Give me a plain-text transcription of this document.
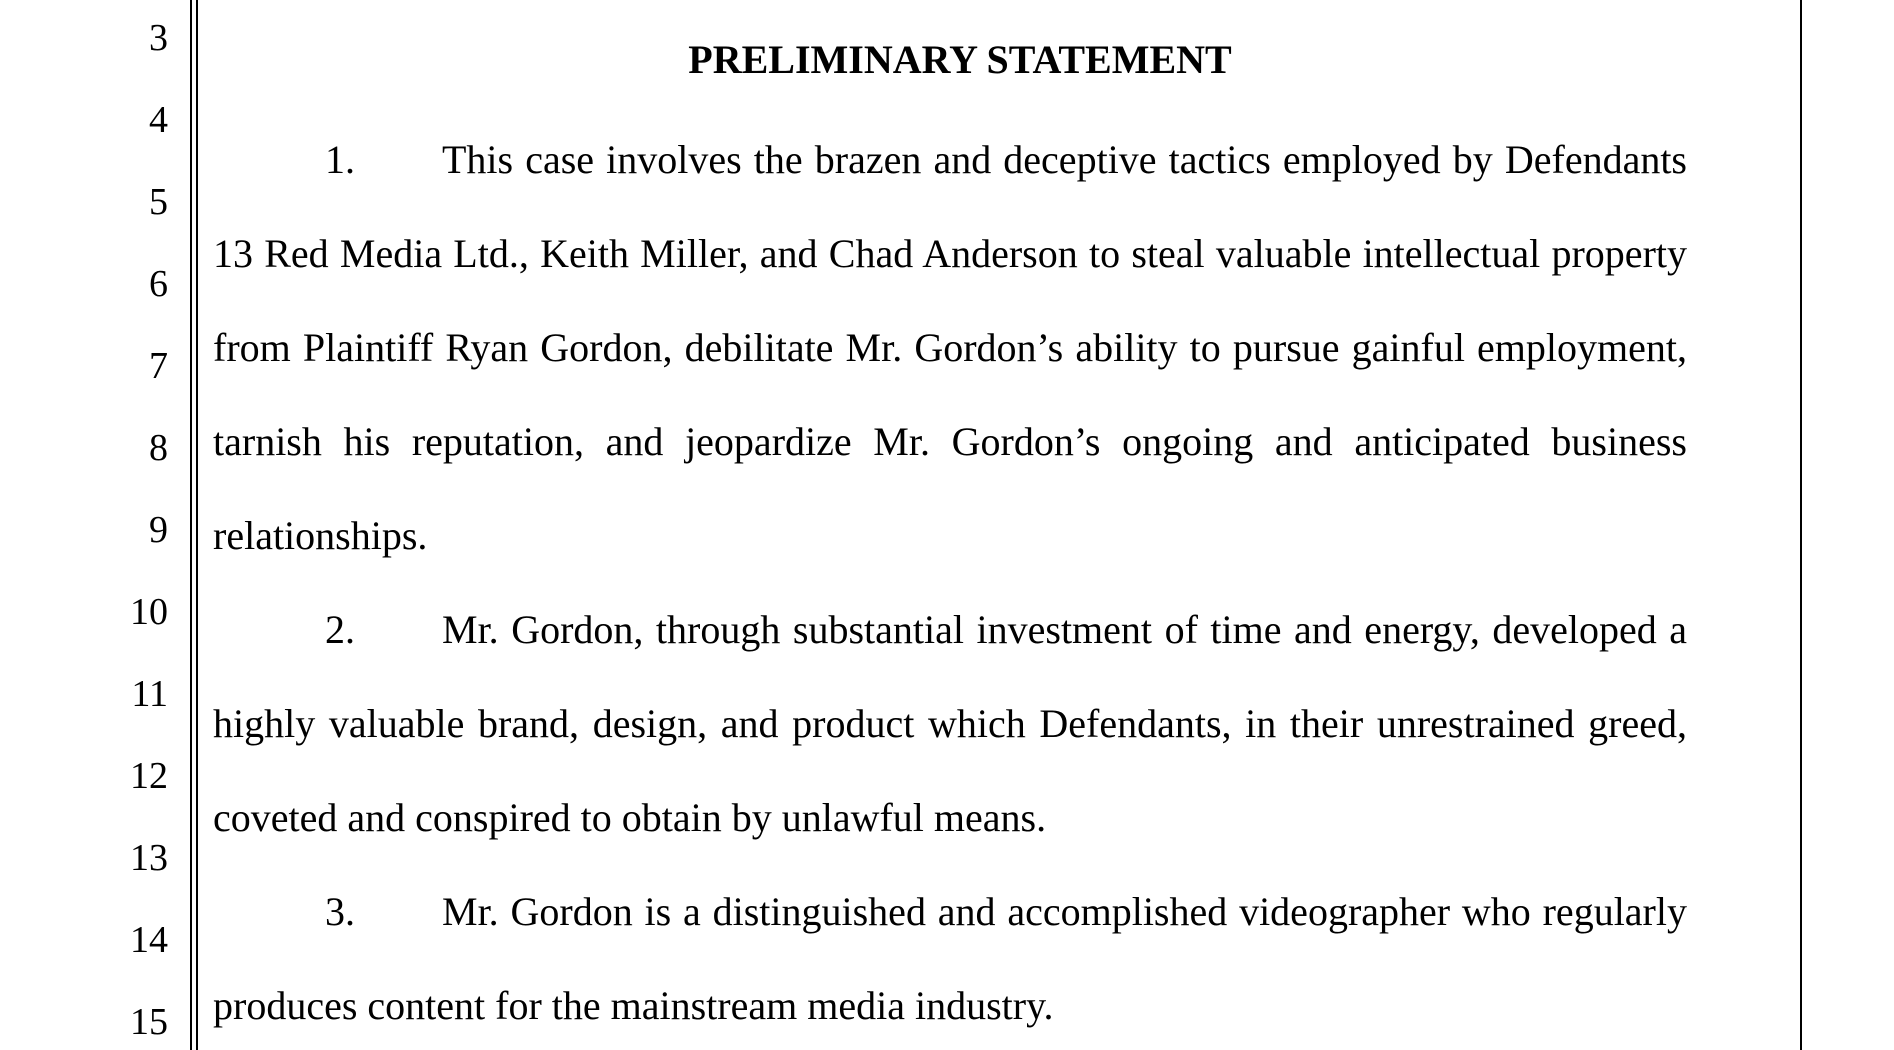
3
4
5
6
7
8
9
10
11
12
13
14
15
PRELIMINARY STATEMENT
1.	This case involves the brazen and deceptive tactics employed by Defendants
13 Red Media Ltd., Keith Miller, and Chad Anderson to steal valuable intellectual property
from Plaintiff Ryan Gordon, debilitate Mr. Gordon’s ability to pursue gainful employment,
tarnish his reputation, and jeopardize Mr. Gordon’s ongoing and anticipated business
relationships.
2.	Mr. Gordon, through substantial investment of time and energy, developed a
highly valuable brand, design, and product which Defendants, in their unrestrained greed,
coveted and conspired to obtain by unlawful means.
3.	Mr. Gordon is a distinguished and accomplished videographer who regularly
produces content for the mainstream media industry.
